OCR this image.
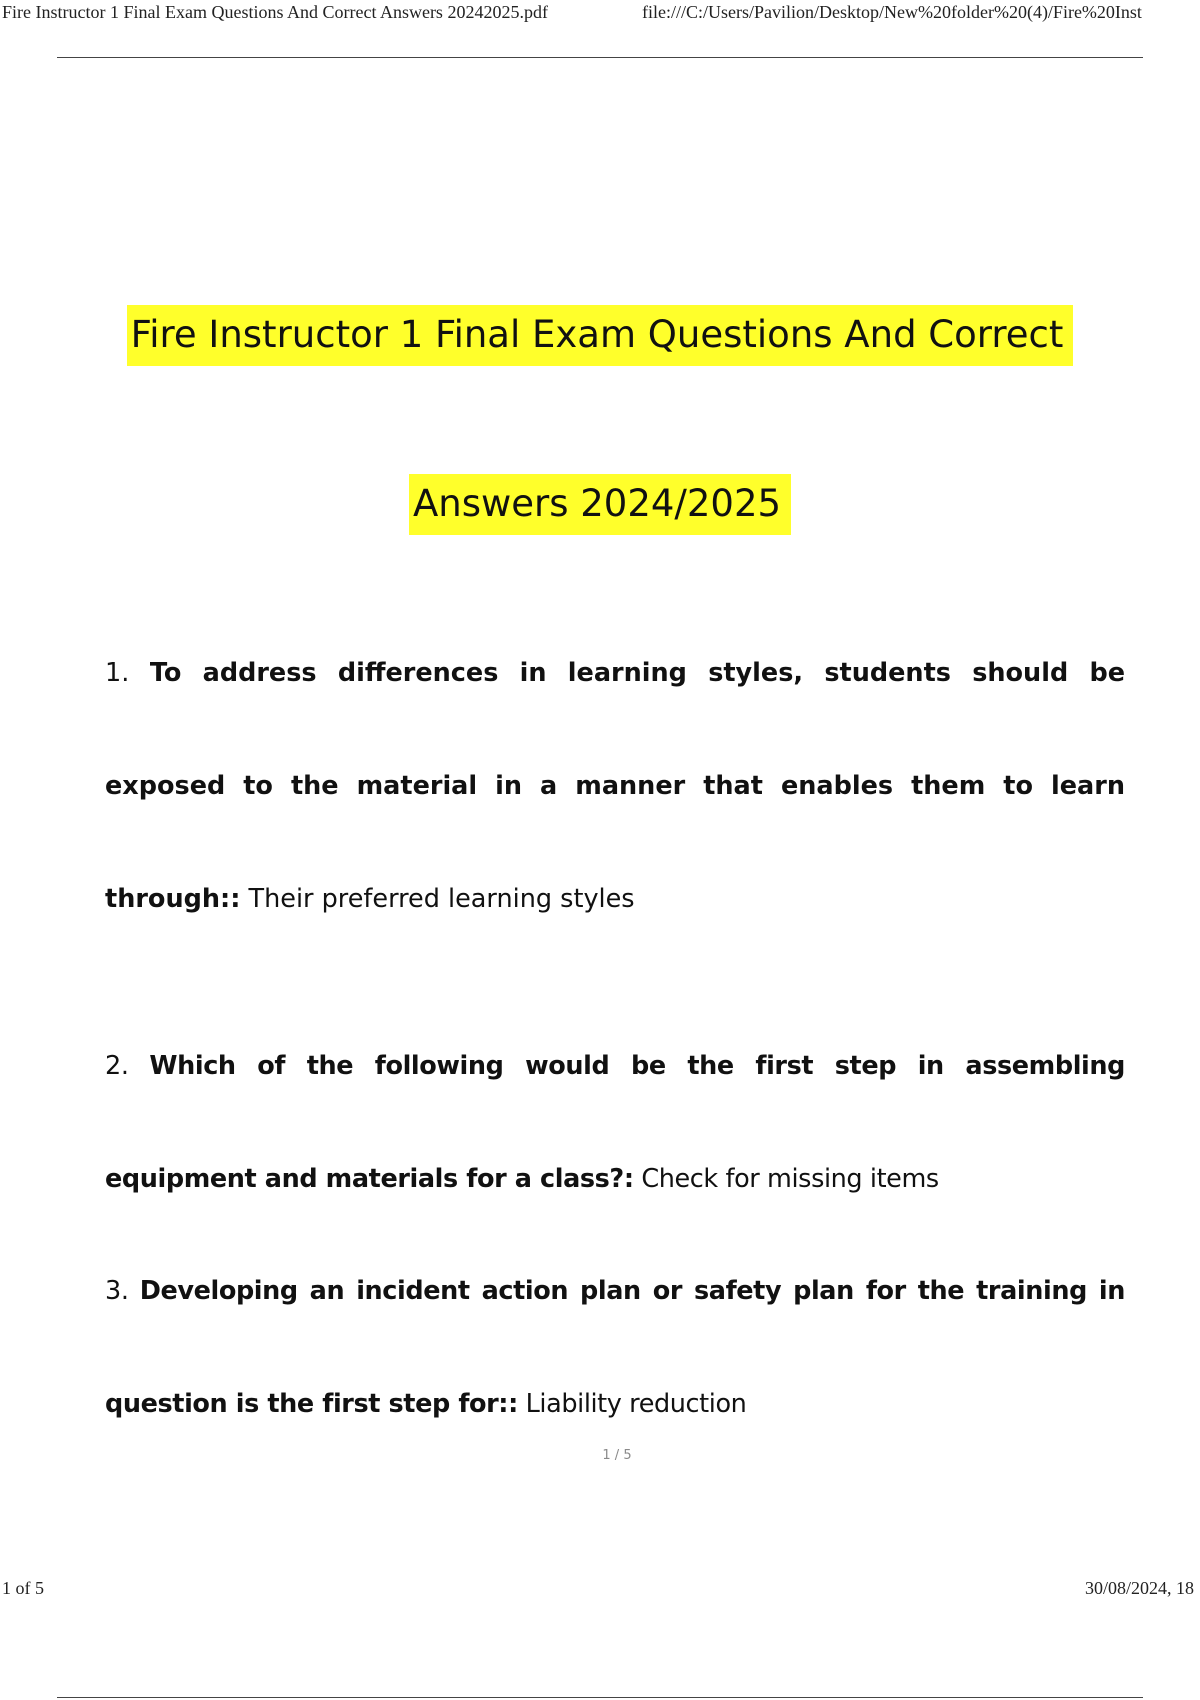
Fire Instructor 1 Final Exam Questions And Correct Answers 20242025.pdf	file:///C:/Users/Pavilion/Desktop/New%20folder%20(4)/Fire%20Inst
Fire Instructor 1 Final Exam Questions And Correct
Answers 2024/2025
1. To address differences in learning styles, students should be exposed to the material in a manner that enables them to learn through:: Their preferred learning styles
2. Which of the following would be the first step in assembling equipment and materials for a class?: Check for missing items
3. Developing an incident action plan or safety plan for the training in question is the first step for:: Liability reduction
1 / 5
1 of 5	30/08/2024, 18
